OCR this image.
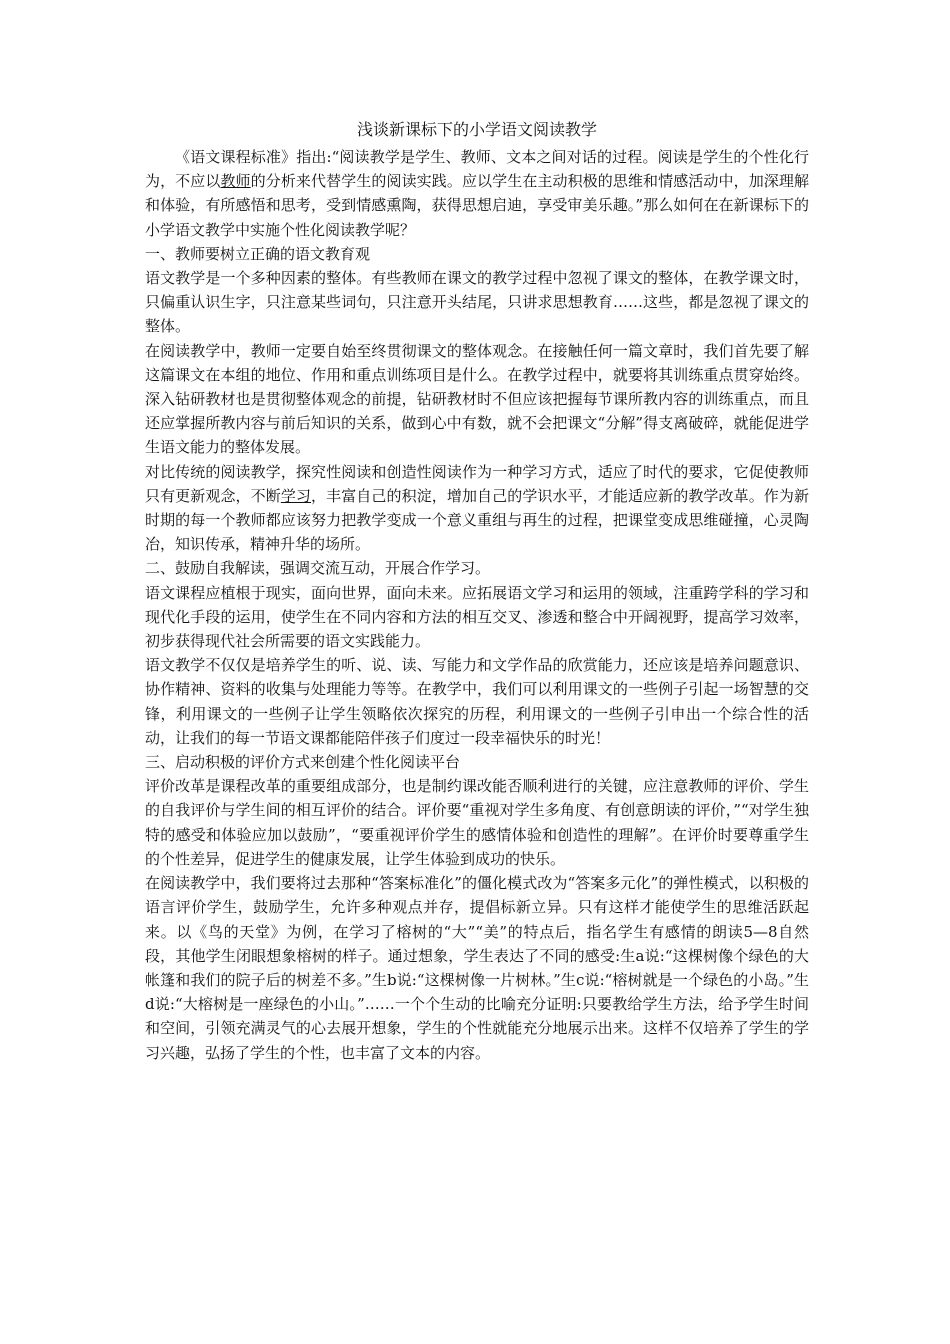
浅谈新课标下的小学语文阅读教学

《语文课程标准》指出:“阅读教学是学生、教师、文本之间对话的过程。阅读是学生的个性化行为，不应以教师的分析来代替学生的阅读实践。应以学生在主动积极的思维和情感活动中，加深理解和体验，有所感悟和思考，受到情感熏陶，获得思想启迪，享受审美乐趣。”那么如何在在新课标下的小学语文教学中实施个性化阅读教学呢？

一、教师要树立正确的语文教育观

语文教学是一个多种因素的整体。有些教师在课文的教学过程中忽视了课文的整体，在教学课文时，只偏重认识生字，只注意某些词句，只注意开头结尾，只讲求思想教育……这些，都是忽视了课文的整体。

在阅读教学中，教师一定要自始至终贯彻课文的整体观念。在接触任何一篇文章时，我们首先要了解这篇课文在本组的地位、作用和重点训练项目是什么。在教学过程中，就要将其训练重点贯穿始终。深入钻研教材也是贯彻整体观念的前提，钻研教材时不但应该把握每节课所教内容的训练重点，而且还应掌握所教内容与前后知识的关系，做到心中有数，就不会把课文“分解”得支离破碎，就能促进学生语文能力的整体发展。

对比传统的阅读教学，探究性阅读和创造性阅读作为一种学习方式，适应了时代的要求，它促使教师只有更新观念，不断学习，丰富自己的积淀，增加自己的学识水平，才能适应新的教学改革。作为新时期的每一个教师都应该努力把教学变成一个意义重组与再生的过程，把课堂变成思维碰撞，心灵陶冶，知识传承，精神升华的场所。

二、鼓励自我解读，强调交流互动，开展合作学习。

语文课程应植根于现实，面向世界，面向未来。应拓展语文学习和运用的领域，注重跨学科的学习和现代化手段的运用，使学生在不同内容和方法的相互交叉、渗透和整合中开阔视野，提高学习效率，初步获得现代社会所需要的语文实践能力。

语文教学不仅仅是培养学生的听、说、读、写能力和文学作品的欣赏能力，还应该是培养问题意识、协作精神、资料的收集与处理能力等等。在教学中，我们可以利用课文的一些例子引起一场智慧的交锋，利用课文的一些例子让学生领略依次探究的历程，利用课文的一些例子引申出一个综合性的活动，让我们的每一节语文课都能陪伴孩子们度过一段幸福快乐的时光！

三、启动积极的评价方式来创建个性化阅读平台

评价改革是课程改革的重要组成部分，也是制约课改能否顺利进行的关键，应注意教师的评价、学生的自我评价与学生间的相互评价的结合。评价要“重视对学生多角度、有创意朗读的评价，”“对学生独特的感受和体验应加以鼓励”，“要重视评价学生的感情体验和创造性的理解”。在评价时要尊重学生的个性差异，促进学生的健康发展，让学生体验到成功的快乐。

在阅读教学中，我们要将过去那种“答案标准化”的僵化模式改为“答案多元化”的弹性模式，以积极的语言评价学生，鼓励学生，允许多种观点并存，提倡标新立异。只有这样才能使学生的思维活跃起来。以《鸟的天堂》为例，在学习了榕树的“大”“美”的特点后，指名学生有感情的朗读5—8自然段，其他学生闭眼想象榕树的样子。通过想象，学生表达了不同的感受:生a说:“这棵树像个绿色的大帐篷和我们的院子后的树差不多。”生b说:“这棵树像一片树林。”生c说:“榕树就是一个绿色的小岛。”生d说:“大榕树是一座绿色的小山。”……一个个生动的比喻充分证明:只要教给学生方法，给予学生时间和空间，引领充满灵气的心去展开想象，学生的个性就能充分地展示出来。这样不仅培养了学生的学习兴趣，弘扬了学生的个性，也丰富了文本的内容。
